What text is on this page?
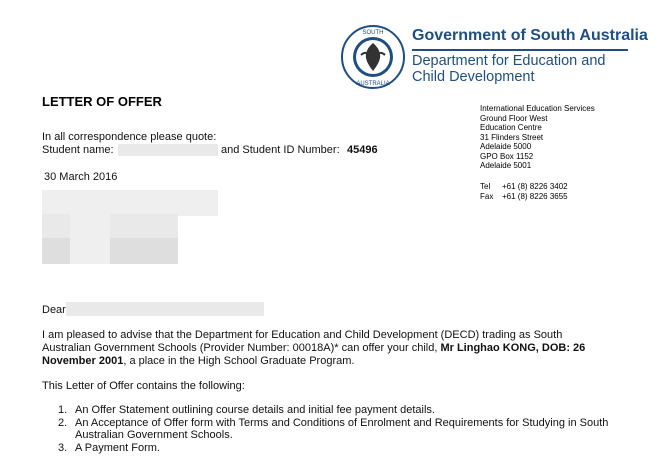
SOUTH
AUSTRALIA
Government of South Australia
Department for Education and
Child Development
LETTER OF OFFER	International Education Services
Ground Floor West
Education Centre
31 Flinders Street
Adelaide 5000
GPO Box 1152
Adelaide 5001
Tel +61 (8) 8226 3402
Fax +61 (8) 8226 3655
In all correspondence please quote:
Student name:	and Student ID Number: 45496
30 March 2016
Dear
I am pleased to advise that the Department for Education and Child Development (DECD) trading as South
Australian Government Schools (Provider Number: 00018A)* can offer your child, Mr Linghao KONG, DOB: 26
November 2001, a place in the High School Graduate Program.
This Letter of Offer contains the following:
1. An Offer Statement outlining course details and initial fee payment details.
2. An Acceptance of Offer form with Terms and Conditions of Enrolment and Requirements for Studying in South Australian Government Schools.
3. A Payment Form.
